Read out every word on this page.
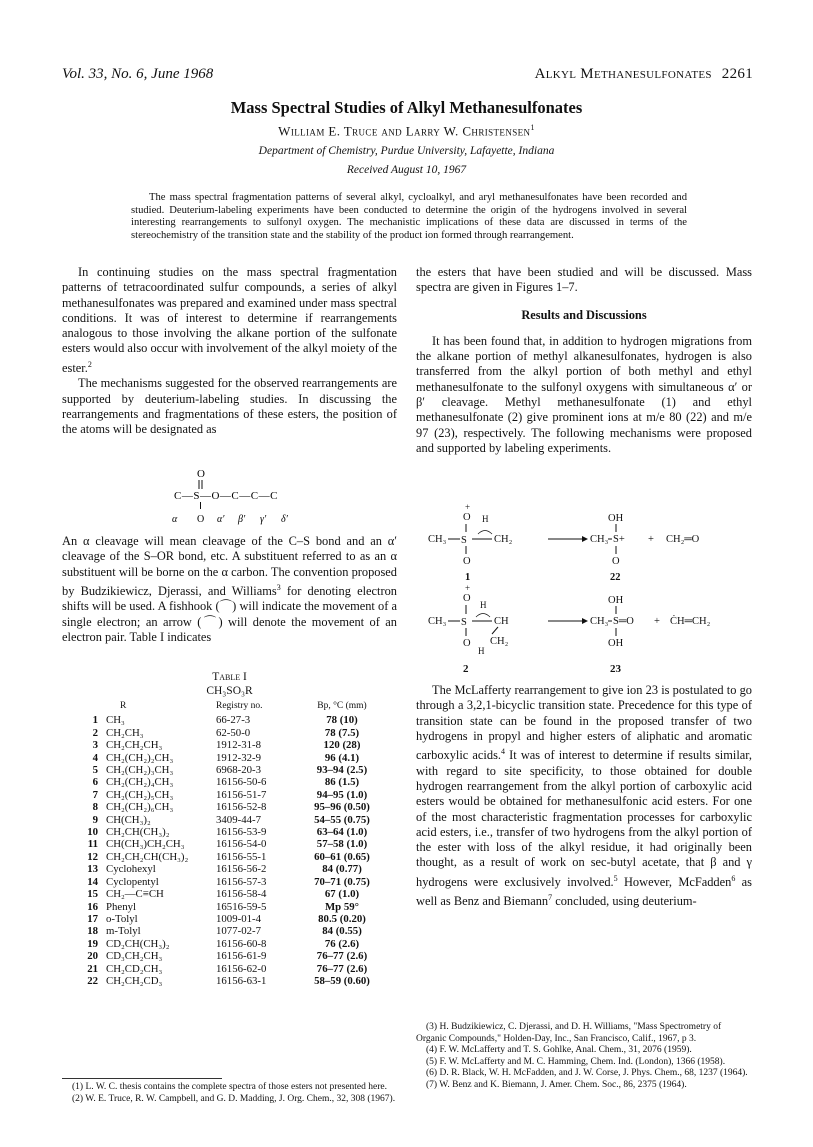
Vol. 33, No. 6, June 1968	Alkyl Methanesulfonates 2261
Mass Spectral Studies of Alkyl Methanesulfonates
William E. Truce and Larry W. Christensen$^1$
Department of Chemistry, Purdue University, Lafayette, Indiana
Received August 10, 1967
The mass spectral fragmentation patterns of several alkyl, cycloalkyl, and aryl methanesulfonates have been recorded and studied. Deuterium-labeling experiments have been conducted to determine the origin of the hydrogens involved in several interesting rearrangements to sulfonyl oxygen. The mechanistic implications of these data are discussed in terms of the stereochemistry of the transition state and the stability of the product ion formed through rearrangement.

In continuing studies on the mass spectral fragmentation patterns of tetracoordinated sulfur compounds, a series of alkyl methanesulfonates was prepared and examined under mass spectral conditions. It was of interest to determine if rearrangements analogous to those involving the alkane portion of the sulfonate esters would also occur with involvement of the alkyl moiety of the ester.$^2$

The mechanisms suggested for the observed rearrangements are supported by deuterium-labeling studies. In discussing the rearrangements and fragmentations of these esters, the position of the atoms will be designated as

O
C—S—O—C—C—C
α O α′ β′ γ′ δ′

An α cleavage will mean cleavage of the C–S bond and an α′ cleavage of the S–OR bond, etc. A substituent referred to as an α substituent will be borne on the α carbon. The convention proposed by Budzikiewicz, Djerassi, and Williams$^3$ for denoting electron shifts will be used. A fishhook (⌒) will indicate the movement of a single electron; an arrow (⌒) will denote the movement of an electron pair. Table I indicates

the esters that have been studied and will be discussed. Mass spectra are given in Figures 1–7.

Results and Discussions

It has been found that, in addition to hydrogen migrations from the alkane portion of methyl alkanesulfonates, hydrogen is also transferred from the alkyl portion of both methyl and ethyl methanesulfonate to the sulfonyl oxygens with simultaneous α′ or β′ cleavage. Methyl methanesulfonate (1) and ethyl methanesulfonate (2) give prominent ions at m/e 80 (22) and m/e 97 (23), respectively. The following mechanisms were proposed and supported by labeling experiments.

+
O H
CH₃ S	CH₂
O
OH
CH₃ S+
O
+ CH₂═O
1	22
+
O
H
CH₃ S	CH
CH₂
O
H
OH
CH₃ S═O
OH
+ ĊH═CH₂
2	23

The McLafferty rearrangement to give ion 23 is postulated to go through a 3,2,1-bicyclic transition state. Precedence for this type of transition state can be found in the proposed transfer of two hydrogens in propyl and higher esters of aliphatic and aromatic carboxylic acids.$^4$ It was of interest to determine if results similar, with regard to site specificity, to those obtained for double hydrogen rearrangement from the alkyl portion of carboxylic acid esters would be obtained for methanesulfonic acid esters. For one of the most characteristic fragmentation processes for carboxylic acid esters, i.e., transfer of two hydrogens from the alkyl portion of the ester with loss of the alkyl residue, it had originally been thought, as a result of work on sec-butyl acetate, that β and γ hydrogens were exclusively involved.$^5$ However, McFadden$^6$ as well as Benz and Biemann$^7$ concluded, using deuterium-

Table I
CH₃SO₃R
	R	Registry no.	Bp, °C (mm)
1	CH₃	66-27-3	78 (10)
2	CH₂CH₃	62-50-0	78 (7.5)
3	CH₂CH₂CH₃	1912-31-8	120 (28)
4	CH₂(CH₂)₂CH₃	1912-32-9	96 (4.1)
5	CH₂(CH₂)₃CH₃	6968-20-3	93–94 (2.5)
6	CH₂(CH₂)₄CH₃	16156-50-6	86 (1.5)
7	CH₂(CH₂)₅CH₃	16156-51-7	94–95 (1.0)
8	CH₂(CH₂)₆CH₃	16156-52-8	95–96 (0.50)
9	CH(CH₃)₂	3409-44-7	54–55 (0.75)
10	CH₂CH(CH₃)₂	16156-53-9	63–64 (1.0)
11	CH(CH₃)CH₂CH₃	16156-54-0	57–58 (1.0)
12	CH₂CH₂CH(CH₃)₂	16156-55-1	60–61 (0.65)
13	Cyclohexyl	16156-56-2	84 (0.77)
14	Cyclopentyl	16156-57-3	70–71 (0.75)
15	CH₂—C≡CH	16156-58-4	67 (1.0)
16	Phenyl	16516-59-5	Mp 59°
17	o-Tolyl	1009-01-4	80.5 (0.20)
18	m-Tolyl	1077-02-7	84 (0.55)
19	CD₂CH(CH₃)₂	16156-60-8	76 (2.6)
20	CD₃CH₂CH₃	16156-61-9	76–77 (2.6)
21	CH₂CD₂CH₃	16156-62-0	76–77 (2.6)
22	CH₂CH₂CD₃	16156-63-1	58–59 (0.60)

(1) L. W. C. thesis contains the complete spectra of those esters not presented here.

(2) W. E. Truce, R. W. Campbell, and G. D. Madding, J. Org. Chem., 32, 308 (1967).

(3) H. Budzikiewicz, C. Djerassi, and D. H. Williams, "Mass Spectrometry of Organic Compounds," Holden-Day, Inc., San Francisco, Calif., 1967, p 3.

(4) F. W. McLafferty and T. S. Gohlke, Anal. Chem., 31, 2076 (1959).

(5) F. W. McLafferty and M. C. Hamming, Chem. Ind. (London), 1366 (1958).

(6) D. R. Black, W. H. McFadden, and J. W. Corse, J. Phys. Chem., 68, 1237 (1964).

(7) W. Benz and K. Biemann, J. Amer. Chem. Soc., 86, 2375 (1964).
